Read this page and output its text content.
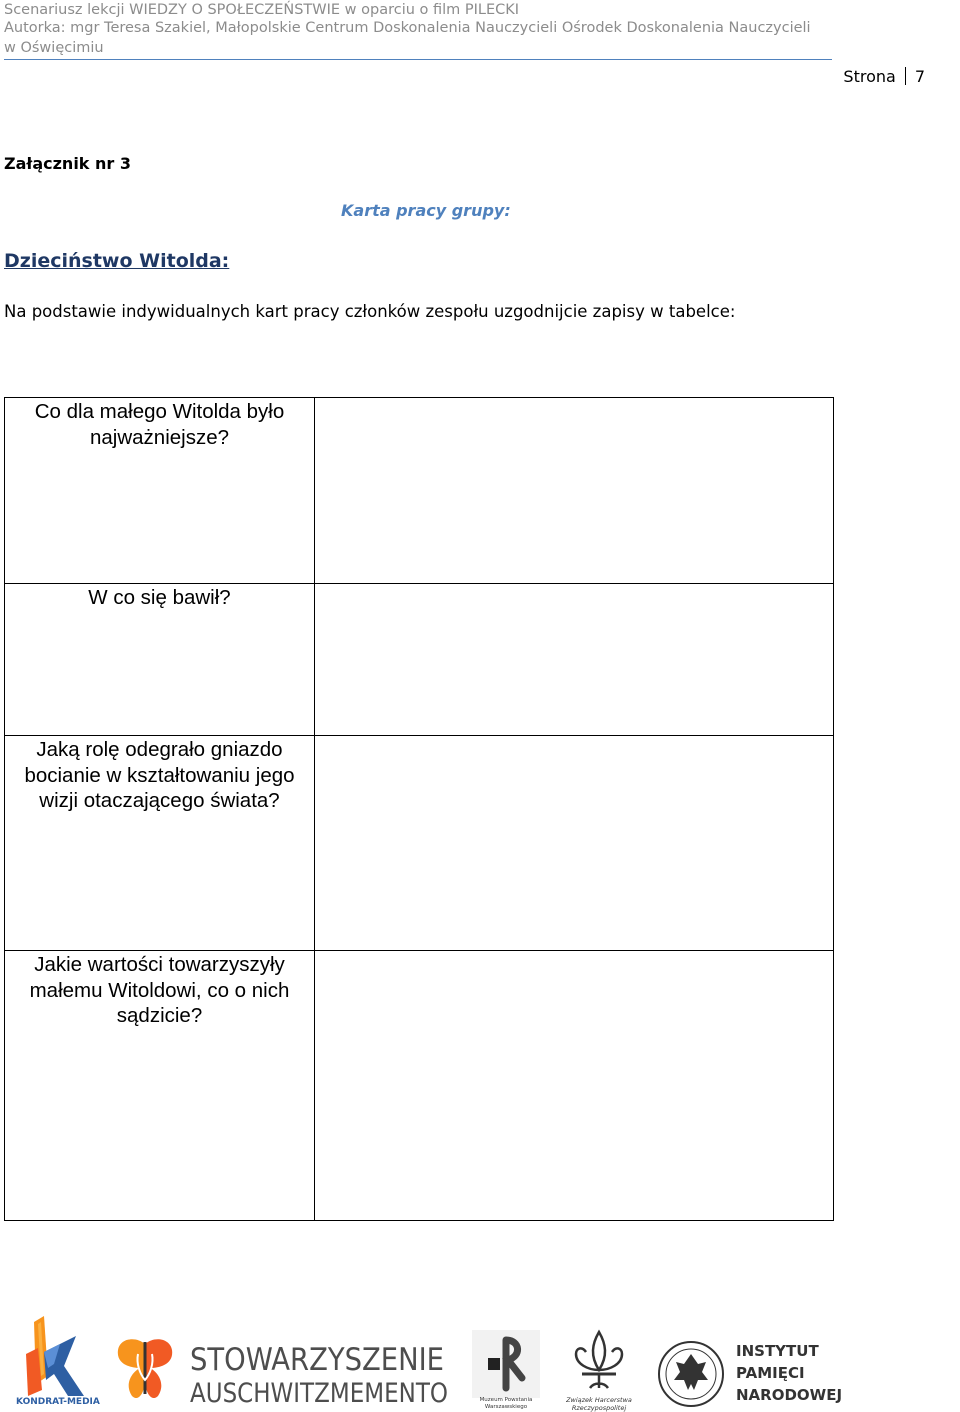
Scenariusz lekcji WIEDZY O SPOŁECZEŃSTWIE w oparciu o film PILECKI
Autorka: mgr Teresa Szakiel, Małopolskie Centrum Doskonalenia Nauczycieli Ośrodek Doskonalenia Nauczycieli
w Oświęcimiu
Strona 7
Załącznik nr 3
Karta pracy grupy:
Dzieciństwo Witolda:
Na podstawie indywidualnych kart pracy członków zespołu uzgodnijcie zapisy w tabelce:
Co dla małego Witolda było najważniejsze?	
W co się bawił?	
Jaką rolę odegrało gniazdo bocianie w kształtowaniu jego wizji otaczającego świata?	
Jakie wartości towarzyszyły małemu Witoldowi, co o nich sądzicie?	
KONDRAT-MEDIA
STOWARZYSZENIE
AUSCHWITZMEMENTO	Muzeum Powstania
Warszawskiego
Związek Harcerstwa
Rzeczypospolitej
INSTYTUT
PAMIĘCI
NARODOWEJ
